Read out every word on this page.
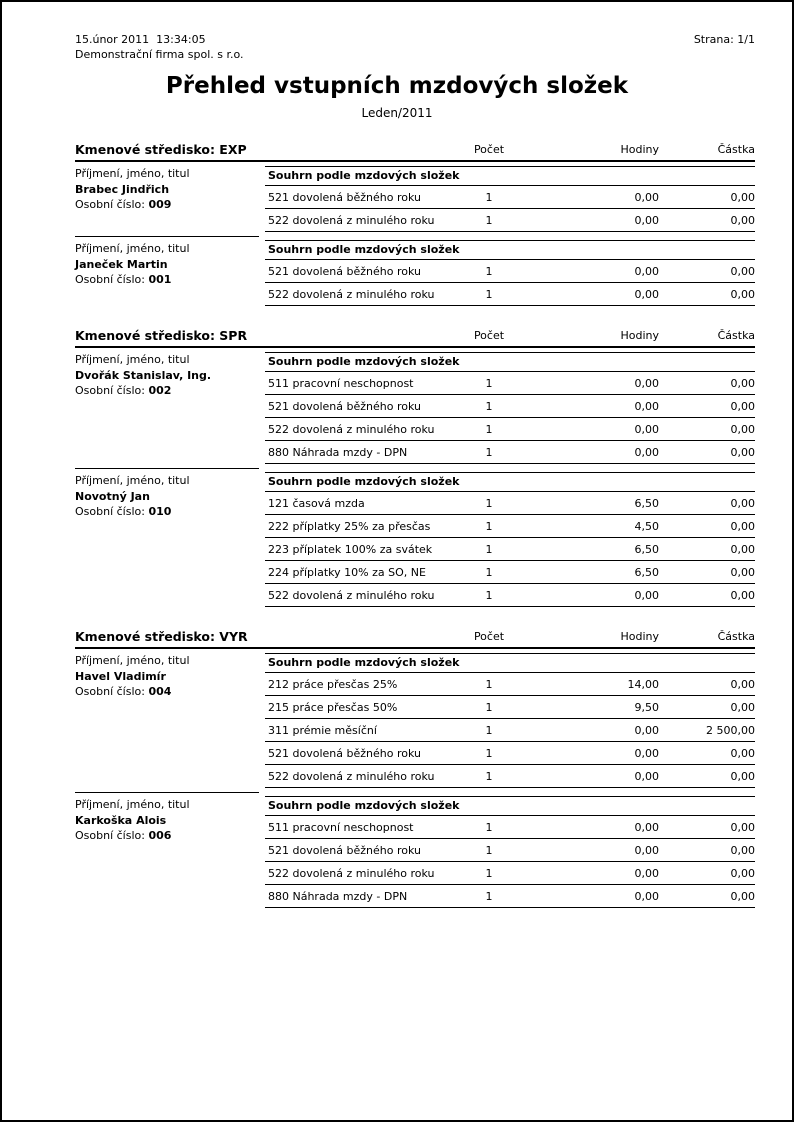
15.únor 2011  13:34:05
Demonstrační firma spol. s r.o.
Strana: 1/1
Přehled vstupních mzdových složek
Leden/2011
Kmenové středisko: EXP	Počet	Hodiny	Částka
Příjmení, jméno, titul
Brabec Jindřich
Osobní číslo: 009
Souhrn podle mzdových složek
521 dovolená běžného roku	1	0,00	0,00
522 dovolená z minulého roku	1	0,00	0,00
Příjmení, jméno, titul
Janeček Martin
Osobní číslo: 001
Souhrn podle mzdových složek
521 dovolená běžného roku	1	0,00	0,00
522 dovolená z minulého roku	1	0,00	0,00
Kmenové středisko: SPR	Počet	Hodiny	Částka
Příjmení, jméno, titul
Dvořák Stanislav, Ing.
Osobní číslo: 002
Souhrn podle mzdových složek
511 pracovní neschopnost	1	0,00	0,00
521 dovolená běžného roku	1	0,00	0,00
522 dovolená z minulého roku	1	0,00	0,00
880 Náhrada mzdy - DPN	1	0,00	0,00
Příjmení, jméno, titul
Novotný Jan
Osobní číslo: 010
Souhrn podle mzdových složek
121 časová mzda	1	6,50	0,00
222 příplatky 25% za přesčas	1	4,50	0,00
223 příplatek 100% za svátek	1	6,50	0,00
224 příplatky 10% za SO, NE	1	6,50	0,00
522 dovolená z minulého roku	1	0,00	0,00
Kmenové středisko: VYR	Počet	Hodiny	Částka
Příjmení, jméno, titul
Havel Vladimír
Osobní číslo: 004
Souhrn podle mzdových složek
212 práce přesčas 25%	1	14,00	0,00
215 práce přesčas 50%	1	9,50	0,00
311 prémie měsíční	1	0,00	2 500,00
521 dovolená běžného roku	1	0,00	0,00
522 dovolená z minulého roku	1	0,00	0,00
Příjmení, jméno, titul
Karkoška Alois
Osobní číslo: 006
Souhrn podle mzdových složek
511 pracovní neschopnost	1	0,00	0,00
521 dovolená běžného roku	1	0,00	0,00
522 dovolená z minulého roku	1	0,00	0,00
880 Náhrada mzdy - DPN	1	0,00	0,00
